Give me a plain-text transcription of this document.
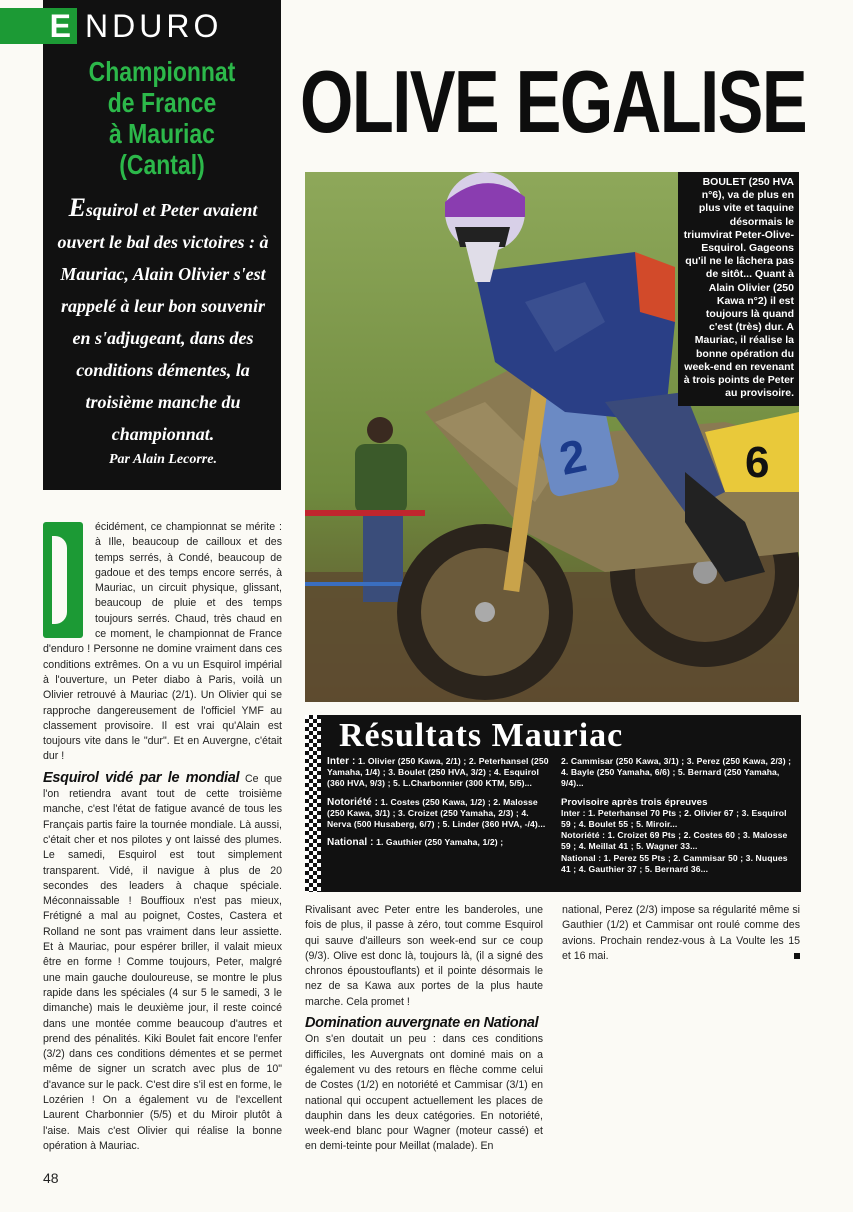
E NDURO
Championnat
de France
à Mauriac (Cantal)
Esquirol et Peter avaient ouvert le bal des victoires : à Mauriac, Alain Olivier s'est rappelé à leur bon souvenir en s'adjugeant, dans des conditions démentes, la troisième manche du championnat.
Par Alain Lecorre.
OLIVE EGALISE
2	6
BOULET (250 HVA n°6), va de plus en plus vite et taquine désormais le triumvirat Peter-Olive-Esquirol. Gageons qu'il ne le lâchera pas de sitôt... Quant à Alain Olivier (250 Kawa n°2) il est toujours là quand c'est (très) dur. A Mauriac, il réalise la bonne opération du week-end en revenant à trois points de Peter au provisoire.
écidément, ce championnat se mérite : à Ille, beaucoup de cailloux et des temps serrés, à Condé, beaucoup de gadoue et des temps encore serrés, à Mauriac, un circuit physique, glissant, beaucoup de pluie et des temps toujours serrés. Chaud, très chaud en ce moment, le championnat de France d'enduro ! Personne ne domine vraiment dans ces conditions extrêmes. On a vu un Esquirol impérial à l'ouverture, un Peter diabo à Paris, voilà un Olivier retrouvé à Mauriac (2/1). Un Olivier qui se rapproche dangereusement de l'officiel YMF au classement provisoire. Il est vrai qu'Alain est toujours vite dans le "dur". Et en Auvergne, c'était dur !
Esquirol vidé par le mondial Ce que l'on retiendra avant tout de cette troisième manche, c'est l'état de fatigue avancé de tous les Français partis faire la tournée mondiale. Là aussi, c'était cher et nos pilotes y ont laissé des plumes. Le samedi, Esquirol est tout simplement transparent. Vidé, il navigue à plus de 20 secondes des leaders à chaque spéciale. Méconnaissable ! Bouffioux n'est pas mieux, Frétigné a mal au poignet, Costes, Castera et Rolland ne sont pas vraiment dans leur assiette. Et à Mauriac, pour espérer briller, il valait mieux être en forme ! Comme toujours, Peter, malgré une main gauche douloureuse, se montre le plus rapide dans les spéciales (4 sur 5 le samedi, 3 le dimanche) mais le deuxième jour, il reste coincé dans une montée comme beaucoup d'autres et prend des pénalités. Kiki Boulet fait encore l'enfer (3/2) dans ces conditions démentes et se permet même de signer un scratch avec plus de 10" d'avance sur le pack. C'est dire s'il est en forme, le Lozérien ! On a également vu de l'excellent Laurent Charbonnier (5/5) et du Miroir plutôt à l'aise. Mais c'est Olivier qui réalise la bonne opération à Mauriac.
Résultats Mauriac

Inter : 1. Olivier (250 Kawa, 2/1) ; 2. Peterhansel (250 Yamaha, 1/4) ; 3. Boulet (250 HVA, 3/2) ; 4. Esquirol (360 HVA, 9/3) ; 5. L.Charbonnier (300 KTM, 5/5)...

Notoriété : 1. Costes (250 Kawa, 1/2) ; 2. Malosse (250 Kawa, 3/1) ; 3. Croizet (250 Yamaha, 2/3) ; 4. Nerva (500 Husaberg, 6/7) ; 5. Linder (360 HVA, -/4)...

National : 1. Gauthier (250 Yamaha, 1/2) ;

2. Cammisar (250 Kawa, 3/1) ; 3. Perez (250 Kawa, 2/3) ; 4. Bayle (250 Yamaha, 6/6) ; 5. Bernard (250 Yamaha, 9/4)...

Provisoire après trois épreuves
Inter : 1. Peterhansel 70 Pts ; 2. Olivier 67 ; 3. Esquirol 59 ; 4. Boulet 55 ; 5. Miroir...
Notoriété : 1. Croizet 69 Pts ; 2. Costes 60 ; 3. Malosse 59 ; 4. Meillat 41 ; 5. Wagner 33...
National : 1. Perez 55 Pts ; 2. Cammisar 50 ; 3. Nuques 41 ; 4. Gauthier 37 ; 5. Bernard 36...
Rivalisant avec Peter entre les banderoles, une fois de plus, il passe à zéro, tout comme Esquirol qui sauve d'ailleurs son week-end sur ce coup (9/3). Olive est donc là, toujours là, (il a signé des chronos époustouflants) et il pointe désormais le nez de sa Kawa aux portes de la plus haute marche. Cela promet !
Domination auvergnate en National
On s'en doutait un peu : dans ces conditions difficiles, les Auvergnats ont dominé mais on a également vu des retours en flèche comme celui de Costes (1/2) en notoriété et Cammisar (3/1) en national qui occupent actuellement les places de dauphin dans les deux catégories. En notoriété, week-end blanc pour Wagner (moteur cassé) et en demi-teinte pour Meillat (malade). En
national, Perez (2/3) impose sa régularité même si Gauthier (1/2) et Cammisar ont roulé comme des avions. Prochain rendez-vous à La Voulte les 15 et 16 mai.
48
